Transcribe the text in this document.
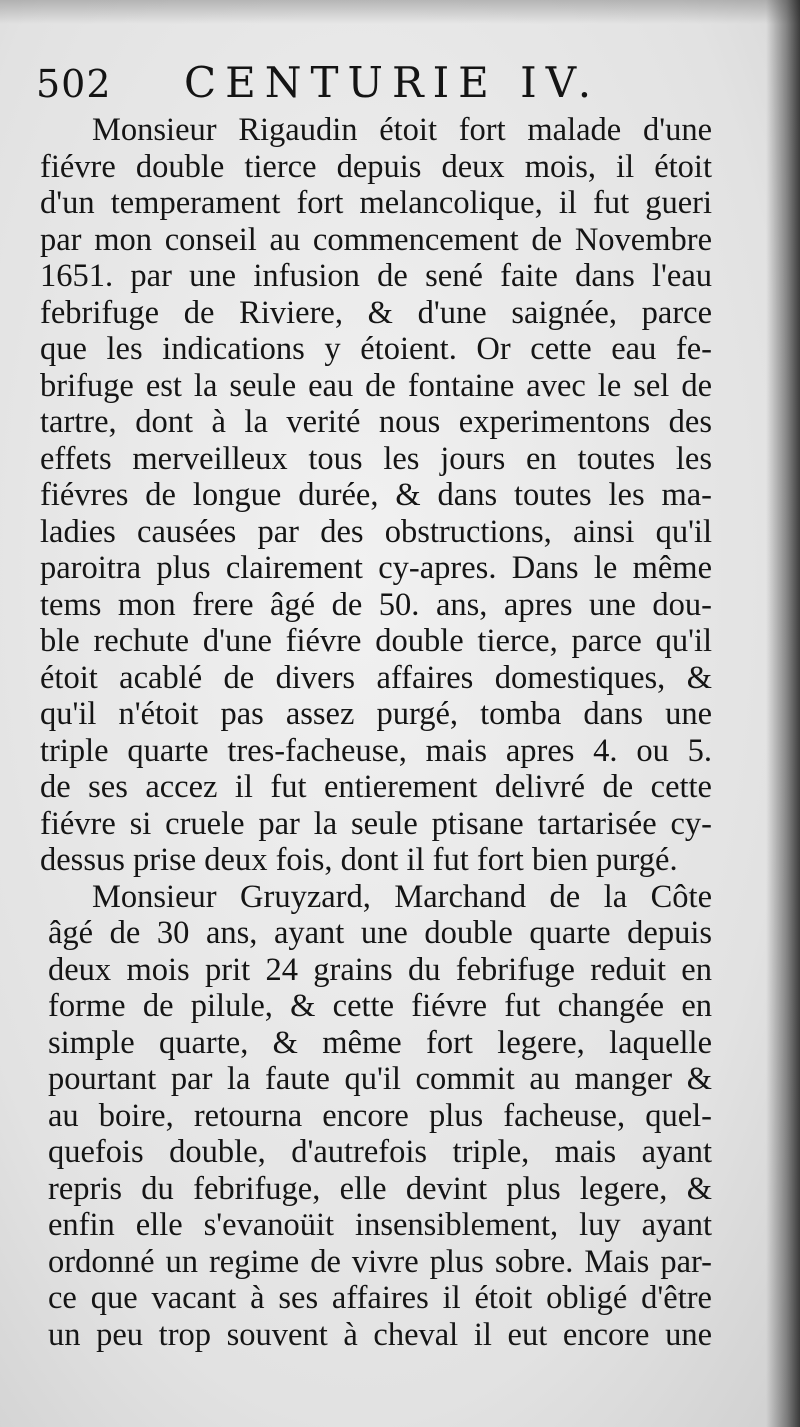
502 CENTURIE IV.
Monsieur Rigaudin étoit fort malade d'une
fiévre double tierce depuis deux mois, il étoit
d'un temperament fort melancolique, il fut gueri
par mon conseil au commencement de Novembre
1651. par une infusion de sené faite dans l'eau
febrifuge de Riviere, & d'une saignée, parce
que les indications y étoient. Or cette eau fe-
brifuge est la seule eau de fontaine avec le sel de
tartre, dont à la verité nous experimentons des
effets merveilleux tous les jours en toutes les
fiévres de longue durée, & dans toutes les ma-
ladies causées par des obstructions, ainsi qu'il
paroitra plus clairement cy-apres. Dans le même
tems mon frere âgé de 50. ans, apres une dou-
ble rechute d'une fiévre double tierce, parce qu'il
étoit acablé de divers affaires domestiques, &
qu'il n'étoit pas assez purgé, tomba dans une
triple quarte tres-facheuse, mais apres 4. ou 5.
de ses accez il fut entierement delivré de cette
fiévre si cruele par la seule ptisane tartarisée cy-
dessus prise deux fois, dont il fut fort bien purgé.
Monsieur Gruyzard, Marchand de la Côte
âgé de 30 ans, ayant une double quarte depuis
deux mois prit 24 grains du febrifuge reduit en
forme de pilule, & cette fiévre fut changée en
simple quarte, & même fort legere, laquelle
pourtant par la faute qu'il commit au manger &
au boire, retourna encore plus facheuse, quel-
quefois double, d'autrefois triple, mais ayant
repris du febrifuge, elle devint plus legere, &
enfin elle s'evanoüit insensiblement, luy ayant
ordonné un regime de vivre plus sobre. Mais par-
ce que vacant à ses affaires il étoit obligé d'être
un peu trop souvent à cheval il eut encore une
